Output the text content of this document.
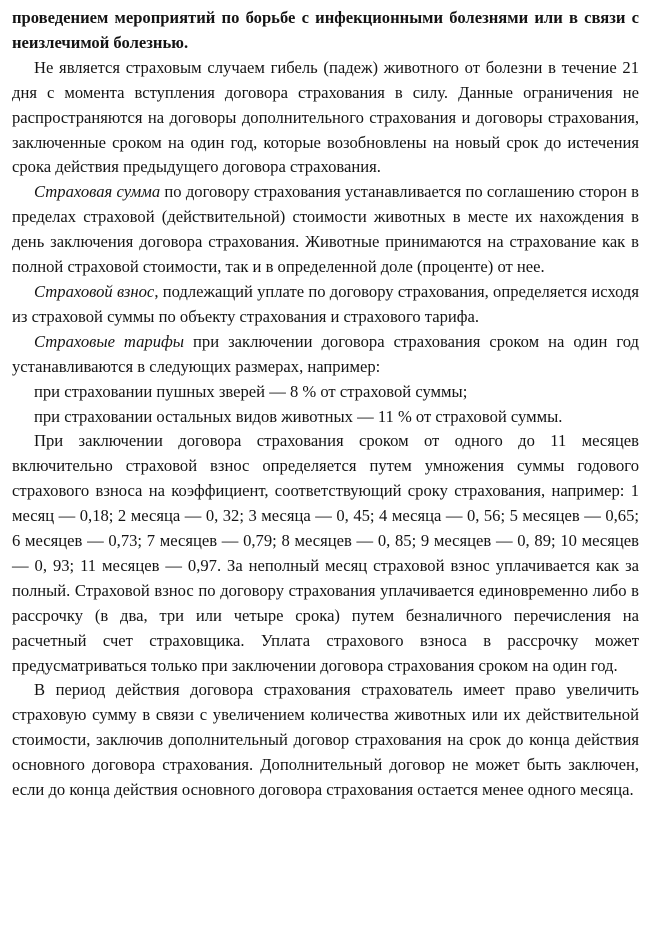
проведением мероприятий по борьбе с инфекционными болезнями или в связи с неизлечимой болезнью.

Не является страховым случаем гибель (падеж) животного от болезни в течение 21 дня с момента вступления договора страхования в силу. Данные ограничения не распространяются на договоры дополнительного страхования и договоры страхования, заключенные сроком на один год, которые возобновлены на новый срок до истечения срока действия предыдущего договора страхования.

Страховая сумма по договору страхования устанавливается по соглашению сторон в пределах страховой (действительной) стоимости животных в месте их нахождения в день заключения договора страхования. Животные принимаются на страхование как в полной страховой стоимости, так и в определенной доле (проценте) от нее.

Страховой взнос, подлежащий уплате по договору страхования, определяется исходя из страховой суммы по объекту страхования и страхового тарифа.

Страховые тарифы при заключении договора страхования сроком на один год устанавливаются в следующих размерах, например:

при страховании пушных зверей — 8 % от страховой суммы;

при страховании остальных видов животных — 11 % от страховой суммы.

При заключении договора страхования сроком от одного до 11 месяцев включительно страховой взнос определяется путем умножения суммы годового страхового взноса на коэффициент, соответствующий сроку страхования, например: 1 месяц — 0,18; 2 месяца — 0, 32; 3 месяца — 0, 45; 4 месяца — 0, 56; 5 месяцев — 0,65; 6 месяцев — 0,73; 7 месяцев — 0,79; 8 месяцев — 0, 85; 9 месяцев — 0, 89; 10 месяцев — 0, 93; 11 месяцев — 0,97. За неполный месяц страховой взнос уплачивается как за полный. Страховой взнос по договору страхования уплачивается единовременно либо в рассрочку (в два, три или четыре срока) путем безналичного перечисления на расчетный счет страховщика. Уплата страхового взноса в рассрочку может предусматриваться только при заключении договора страхования сроком на один год.

В период действия договора страхования страхователь имеет право увеличить страховую сумму в связи с увеличением количества животных или их действительной стоимости, заключив дополнительный договор страхования на срок до конца действия основного договора страхования. Дополнительный договор не может быть заключен, если до конца действия основного договора страхования остается менее одного месяца.
